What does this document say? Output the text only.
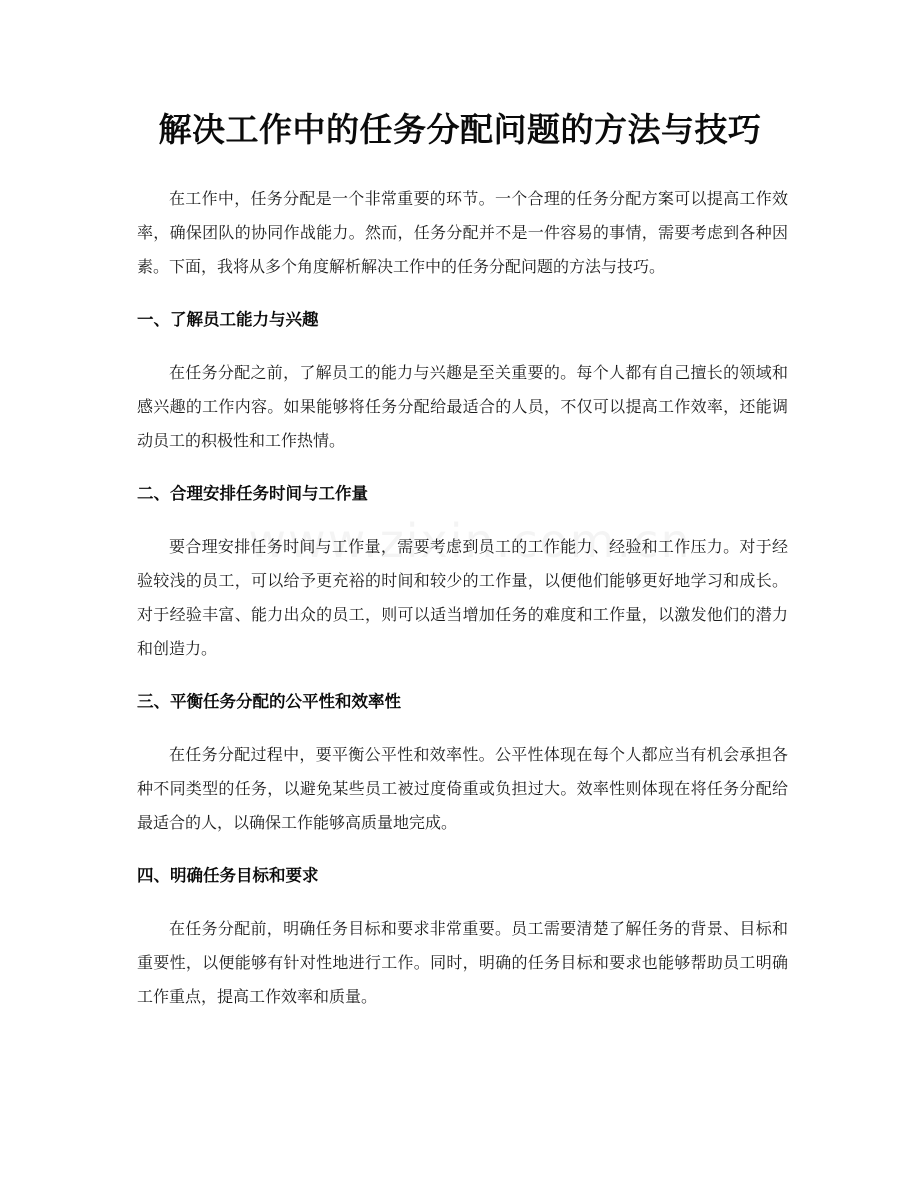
解决工作中的任务分配问题的方法与技巧

在工作中，任务分配是一个非常重要的环节。一个合理的任务分配方案可以提高工作效率，确保团队的协同作战能力。然而，任务分配并不是一件容易的事情，需要考虑到各种因素。下面，我将从多个角度解析解决工作中的任务分配问题的方法与技巧。

一、了解员工能力与兴趣

在任务分配之前，了解员工的能力与兴趣是至关重要的。每个人都有自己擅长的领域和感兴趣的工作内容。如果能够将任务分配给最适合的人员，不仅可以提高工作效率，还能调动员工的积极性和工作热情。

二、合理安排任务时间与工作量

要合理安排任务时间与工作量，需要考虑到员工的工作能力、经验和工作压力。对于经验较浅的员工，可以给予更充裕的时间和较少的工作量，以便他们能够更好地学习和成长。对于经验丰富、能力出众的员工，则可以适当增加任务的难度和工作量，以激发他们的潜力和创造力。

三、平衡任务分配的公平性和效率性

在任务分配过程中，要平衡公平性和效率性。公平性体现在每个人都应当有机会承担各种不同类型的任务，以避免某些员工被过度倚重或负担过大。效率性则体现在将任务分配给最适合的人，以确保工作能够高质量地完成。

四、明确任务目标和要求

在任务分配前，明确任务目标和要求非常重要。员工需要清楚了解任务的背景、目标和重要性，以便能够有针对性地进行工作。同时，明确的任务目标和要求也能够帮助员工明确工作重点，提高工作效率和质量。
